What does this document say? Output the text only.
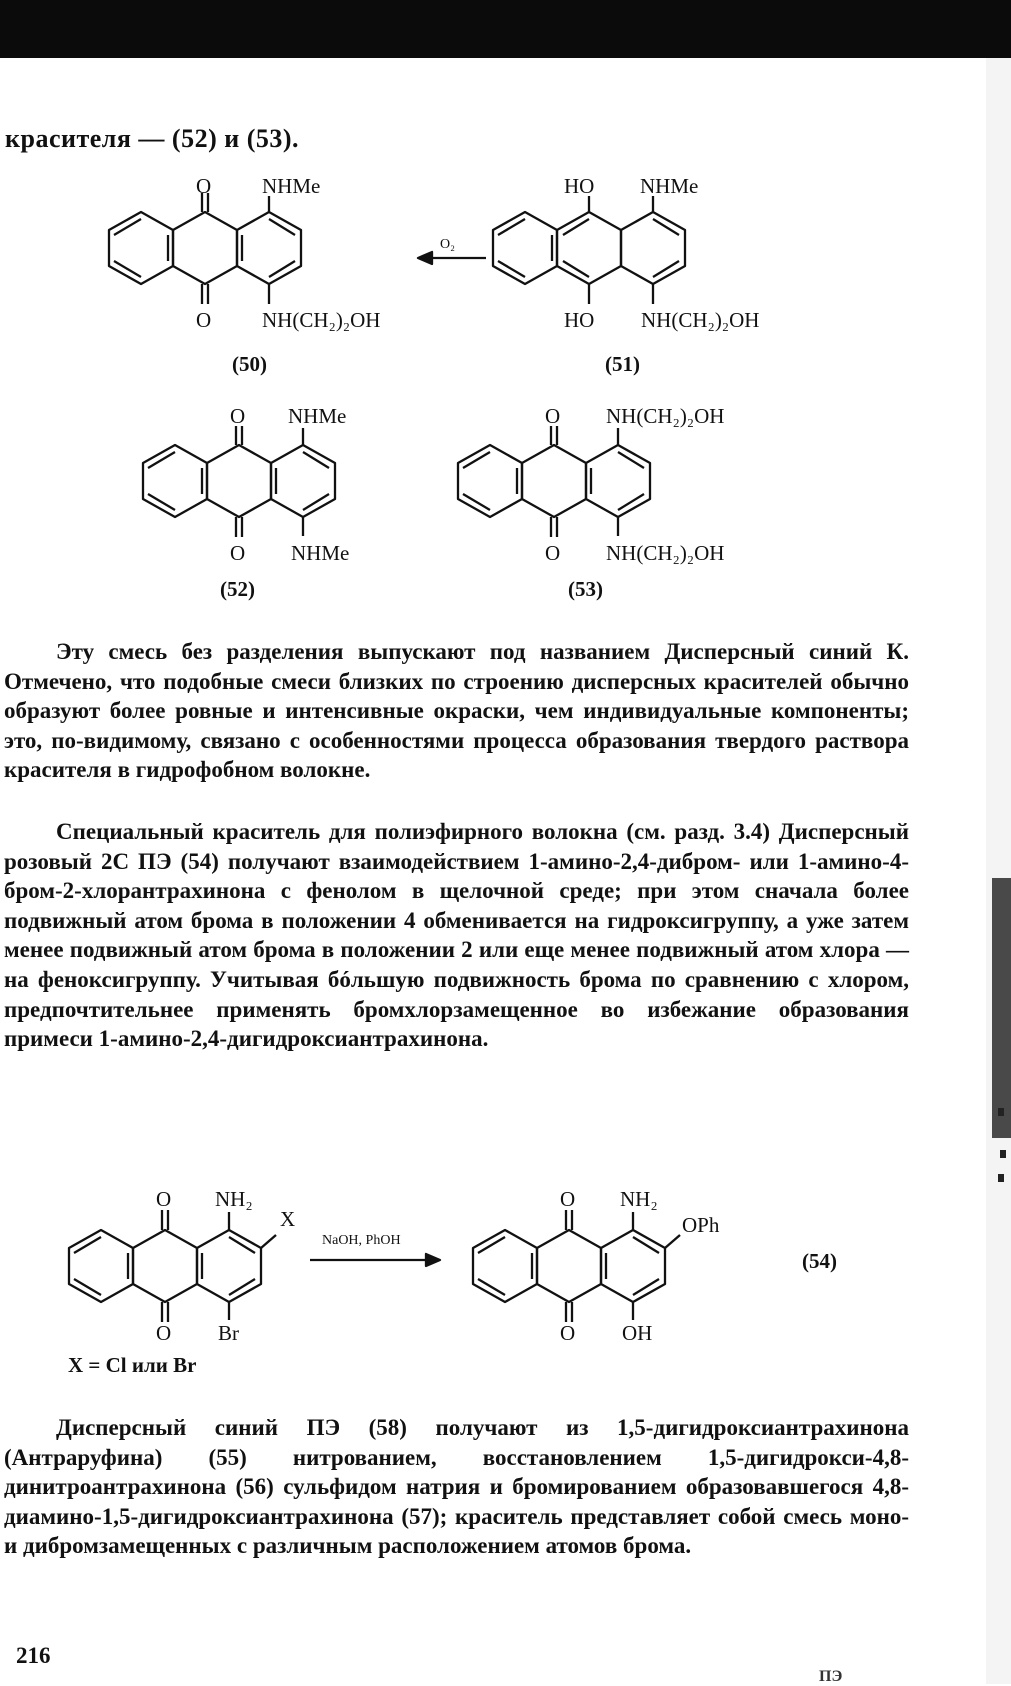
красителя — (52) и (53).
O NHMe
O NH(CH₂)₂OH
(50)
HO NHMe
HO NH(CH₂)₂OH
(51)
O₂
O NHMe
O NHMe
(52)
O NH(CH₂)₂OH
O NH(CH₂)₂OH
(53)
O NH₂
X
O Br
X = Cl или Br
NaOH, PhOH
O NH₂
OPh
O OH
(54)

Эту смесь без разделения выпускают под названием Дисперсный синий К. Отмечено, что подобные смеси близких по строению дисперсных красителей обычно образуют более ровные и интенсивные окраски, чем индивидуальные компоненты; это, по-видимому, связано с особенностями процесса образования твердого раствора красителя в гидрофобном волокне.

Специальный краситель для полиэфирного волокна (см. разд. 3.4) Дисперсный розовый 2С ПЭ (54) получают взаимодействием 1-амино-2,4-дибром- или 1-амино-4-бром-2-хлорантрахинона с фенолом в щелочной среде; при этом сначала более подвижный атом брома в положении 4 обменивается на гидроксигруппу, а уже затем менее подвижный атом брома в положении 2 или еще менее подвижный атом хлора — на феноксигруппу. Учитывая бóльшую подвижность брома по сравнению с хлором, предпочтительнее применять бромхлорзамещенное во избежание образования примеси 1-амино-2,4-дигидроксиантрахинона.

Дисперсный синий ПЭ (58) получают из 1,5-дигидроксиантрахинона (Антраруфина) (55) нитрованием, восстановлением 1,5-дигидрокси-4,8-динитроантрахинона (56) сульфидом натрия и бромированием образовавшегося 4,8-диамино-1,5-дигидроксиантрахинона (57); краситель представляет собой смесь моно- и дибромзамещенных с различным расположением атомов брома.

216
ПЭ
